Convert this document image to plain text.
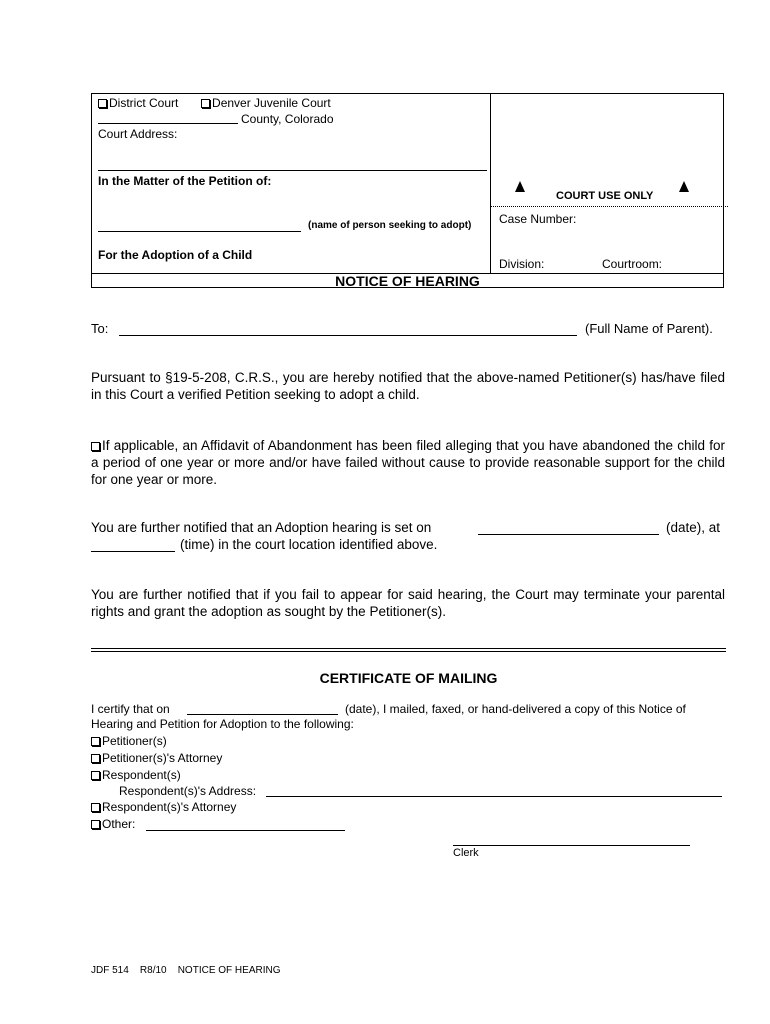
District Court	Denver Juvenile Court
County, Colorado
Court Address:
In the Matter of the Petition of:
(name of person seeking to adopt)
For the Adoption of a Child
COURT USE ONLY
Case Number:
Division:	Courtroom:
NOTICE OF HEARING
To:	(Full Name of Parent).
Pursuant to §19-5-208, C.R.S., you are hereby notified that the above-named Petitioner(s) has/have filed in this Court a verified Petition seeking to adopt a child.
If applicable, an Affidavit of Abandonment has been filed alleging that you have abandoned the child for a period of one year or more and/or have failed without cause to provide reasonable support for the child for one year or more.
You are further notified that an Adoption hearing is set on	(date), at
(time) in the court location identified above.
You are further notified that if you fail to appear for said hearing, the Court may terminate your parental rights and grant the adoption as sought by the Petitioner(s).
CERTIFICATE OF MAILING
I certify that on	(date), I mailed, faxed, or hand-delivered a copy of this Notice of
Hearing and Petition for Adoption to the following:
Petitioner(s)
Petitioner(s)'s Attorney
Respondent(s)
Respondent(s)'s Address:
Respondent(s)'s Attorney
Other:
Clerk
JDF 514    R8/10    NOTICE OF HEARING
